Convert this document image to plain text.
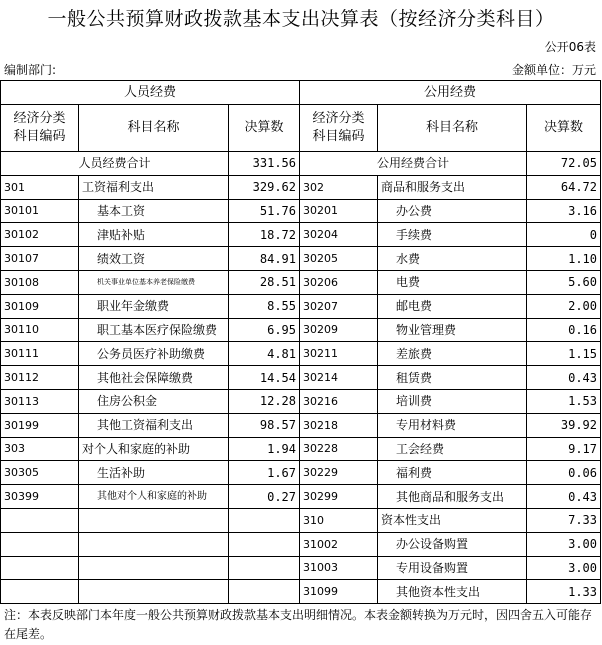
一般公共预算财政拨款基本支出决算表（按经济分类科目）
公开06表
编制部门:	金额单位：万元
人员经费			公用经费		
经济分类
科目编码	科目名称	决算数	经济分类
科目编码	科目名称	决算数
人员经费合计		331.56	公用经费合计		72.05
301	工资福利支出	329.62	302	商品和服务支出	64.72
30101	基本工资	51.76	30201	办公费	3.16
30102	津贴补贴	18.72	30204	手续费	0
30107	绩效工资	84.91	30205	水费	1.10
30108	机关事业单位基本养老保险缴费	28.51	30206	电费	5.60
30109	职业年金缴费	8.55	30207	邮电费	2.00
30110	职工基本医疗保险缴费	6.95	30209	物业管理费	0.16
30111	公务员医疗补助缴费	4.81	30211	差旅费	1.15
30112	其他社会保障缴费	14.54	30214	租赁费	0.43
30113	住房公积金	12.28	30216	培训费	1.53
30199	其他工资福利支出	98.57	30218	专用材料费	39.92
303	对个人和家庭的补助	1.94	30228	工会经费	9.17
30305	生活补助	1.67	30229	福利费	0.06
30399	其他对个人和家庭的补助	0.27	30299	其他商品和服务支出	0.43
			310	资本性支出	7.33
			31002	办公设备购置	3.00
			31003	专用设备购置	3.00
			31099	其他资本性支出	1.33
注：本表反映部门本年度一般公共预算财政拨款基本支出明细情况。本表金额转换为万元时，因四舍五入可能存在尾差。
